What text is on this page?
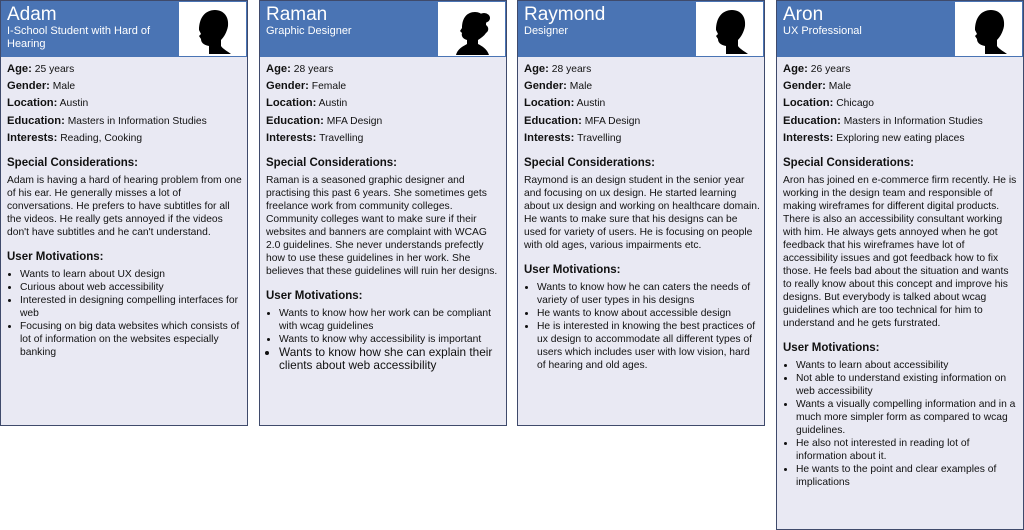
Adam
I-School Student with Hard of Hearing
Age: 25 years
Gender: Male
Location: Austin
Education: Masters in Information Studies
Interests: Reading, Cooking
Special Considerations:

Adam is having a hard of hearing problem from one of his ear. He generally misses a lot of conversations. He prefers to have subtitles for all the videos. He really gets annoyed if the videos don't have subtitles and he can't understand.

User Motivations:
• Wants to learn about UX design
• Curious about web accessibility
• Interested in designing compelling interfaces for web
• Focusing on big data websites which consists of lot of information on the websites especially banking
Raman
Graphic Designer
Age: 28 years
Gender: Female
Location: Austin
Education: MFA Design
Interests: Travelling
Special Considerations:

Raman is a seasoned graphic designer and practising this past 6 years. She sometimes gets freelance work from community colleges. Community colleges want to make sure if their websites and banners are complaint with WCAG 2.0 guidelines. She never understands prefectly how to use these guidelines in her work. She believes that these guidelines will ruin her designs.

User Motivations:
• Wants to know how her work can be compliant with wcag guidelines
• Wants to know why accessibility is important
• Wants to know how she can explain their clients about web accessibility
Raymond
Designer
Age: 28 years
Gender: Male
Location: Austin
Education: MFA Design
Interests: Travelling
Special Considerations:

Raymond is an design student in the senior year and focusing on ux design. He started learning about ux design and working on healthcare domain. He wants to make sure that his designs can be used for variety of users. He is focusing on people with old ages, various impairments etc.

User Motivations:
• Wants to know how he can caters the needs of variety of user types in his designs
• He wants to know about accessible design
• He is interested in knowing the best practices of ux design to accommodate all different types of users which includes user with low vision, hard of hearing and old ages.
Aron
UX Professional
Age: 26 years
Gender: Male
Location: Chicago
Education: Masters in Information Studies
Interests: Exploring new eating places
Special Considerations:

Aron has joined en e-commerce firm recently. He is working in the design team and responsible of making wireframes for different digital products. There is also an accessibility consultant working with him. He always gets annoyed when he got feedback that his wireframes have lot of accessibility issues and got feedback how to fix those. He feels bad about the situation and wants to really know about this concept and improve his designs. But everybody is talked about wcag guidelines which are too technical for him to understand and he gets furstrated.

User Motivations:
• Wants to learn about accessibility
• Not able to understand existing information on web accessibility
• Wants a visually compelling information and in a much more simpler form as compared to wcag guidelines.
• He also not interested in reading lot of information about it.
• He wants to the point and clear examples of implications
